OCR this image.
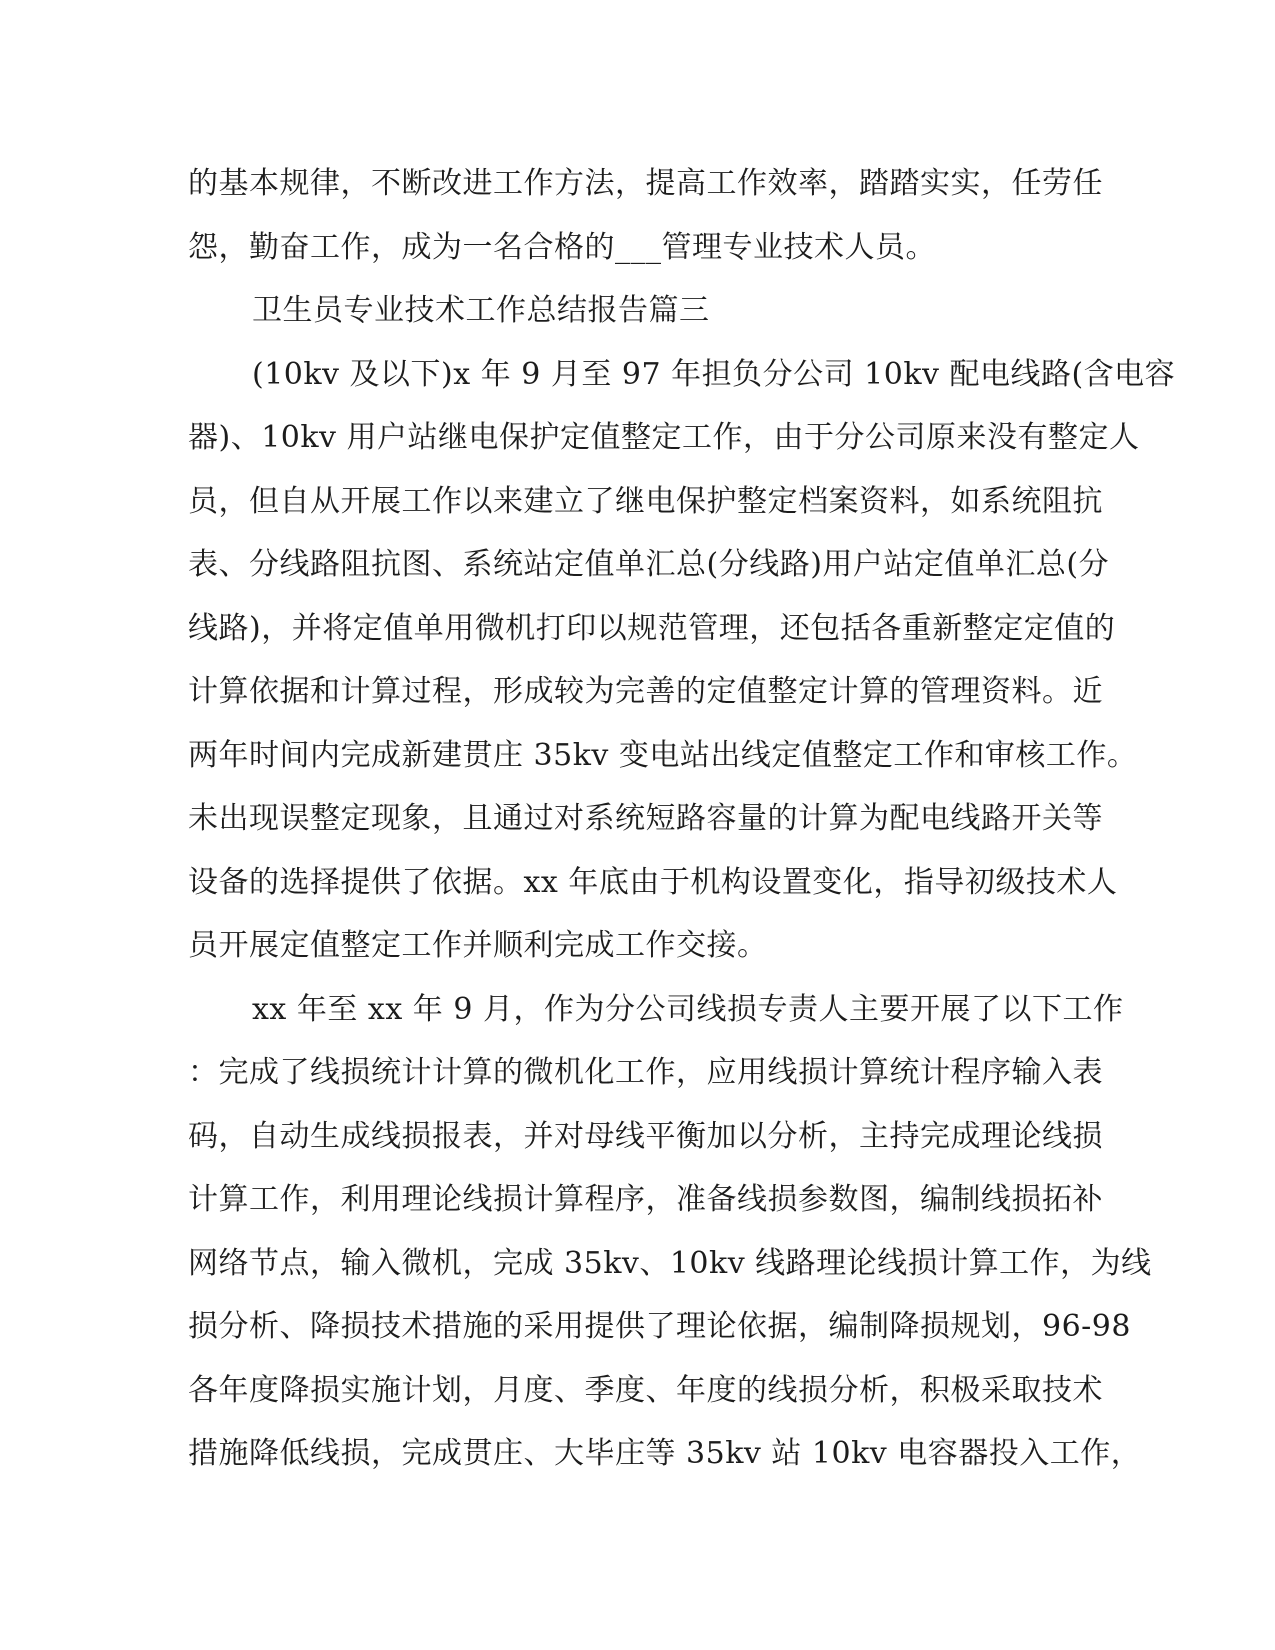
的基本规律，不断改进工作方法，提高工作效率，踏踏实实，任劳任
怨，勤奋工作，成为一名合格的___管理专业技术人员。
卫生员专业技术工作总结报告篇三
(10kv 及以下)x 年 9 月至 97 年担负分公司 10kv 配电线路(含电容
器)、10kv 用户站继电保护定值整定工作，由于分公司原来没有整定人
员，但自从开展工作以来建立了继电保护整定档案资料，如系统阻抗
表、分线路阻抗图、系统站定值单汇总(分线路)用户站定值单汇总(分
线路)，并将定值单用微机打印以规范管理，还包括各重新整定定值的
计算依据和计算过程，形成较为完善的定值整定计算的管理资料。近
两年时间内完成新建贯庄 35kv 变电站出线定值整定工作和审核工作。
未出现误整定现象，且通过对系统短路容量的计算为配电线路开关等
设备的选择提供了依据。xx 年底由于机构设置变化，指导初级技术人
员开展定值整定工作并顺利完成工作交接。
xx 年至 xx 年 9 月，作为分公司线损专责人主要开展了以下工作
：完成了线损统计计算的微机化工作，应用线损计算统计程序输入表
码，自动生成线损报表，并对母线平衡加以分析，主持完成理论线损
计算工作，利用理论线损计算程序，准备线损参数图，编制线损拓补
网络节点，输入微机，完成 35kv、10kv 线路理论线损计算工作，为线
损分析、降损技术措施的采用提供了理论依据，编制降损规划，96-98
各年度降损实施计划，月度、季度、年度的线损分析，积极采取技术
措施降低线损，完成贯庄、大毕庄等 35kv 站 10kv 电容器投入工作，
